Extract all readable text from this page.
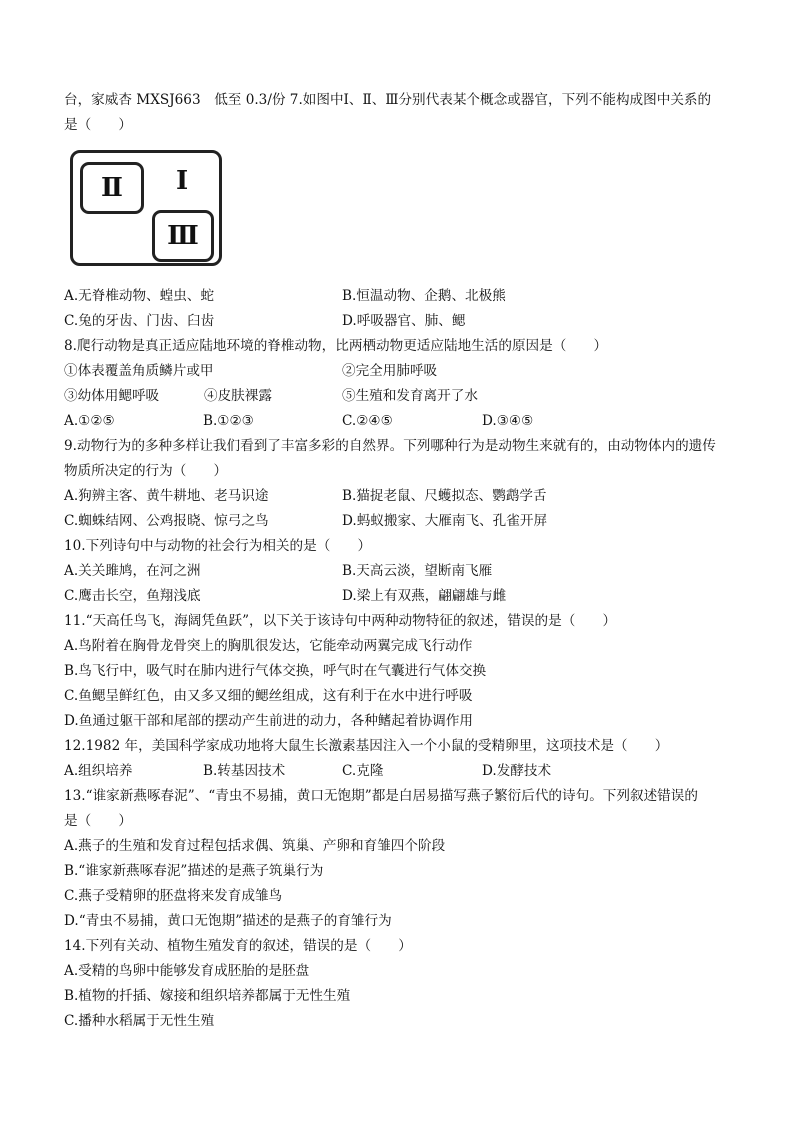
台，家威杏 MXSJ663　低至 0.3/份 7.如图中Ⅰ、Ⅱ、Ⅲ分别代表某个概念或器官，下列不能构成图中关系的
是（　　）
Ⅱ	Ⅰ
Ⅲ
A.无脊椎动物、蝗虫、蛇	B.恒温动物、企鹅、北极熊
C.兔的牙齿、门齿、臼齿	D.呼吸器官、肺、鳃
8.爬行动物是真正适应陆地环境的脊椎动物，比两栖动物更适应陆地生活的原因是（　　）
①体表覆盖角质鳞片或甲	②完全用肺呼吸
③幼体用鳃呼吸	④皮肤裸露	⑤生殖和发育离开了水
A.①②⑤	B.①②③	C.②④⑤	D.③④⑤
9.动物行为的多种多样让我们看到了丰富多彩的自然界。下列哪种行为是动物生来就有的，由动物体内的遗传
物质所决定的行为（　　）
A.狗辨主客、黄牛耕地、老马识途	B.猫捉老鼠、尺蠖拟态、鹦鹉学舌
C.蜘蛛结网、公鸡报晓、惊弓之鸟	D.蚂蚁搬家、大雁南飞、孔雀开屏
10.下列诗句中与动物的社会行为相关的是（　　）
A.关关雎鸠，在河之洲	B.天高云淡，望断南飞雁
C.鹰击长空，鱼翔浅底	D.梁上有双燕，翩翩雄与雌
11.“天高任鸟飞，海阔凭鱼跃”，以下关于该诗句中两种动物特征的叙述，错误的是（　　）
A.鸟附着在胸骨龙骨突上的胸肌很发达，它能牵动两翼完成飞行动作
B.鸟飞行中，吸气时在肺内进行气体交换，呼气时在气囊进行气体交换
C.鱼鳃呈鲜红色，由又多又细的鳃丝组成，这有利于在水中进行呼吸
D.鱼通过躯干部和尾部的摆动产生前进的动力，各种鳍起着协调作用
12.1982 年，美国科学家成功地将大鼠生长激素基因注入一个小鼠的受精卵里，这项技术是（　　）
A.组织培养	B.转基因技术	C.克隆	D.发酵技术
13.“谁家新燕啄春泥”、“青虫不易捕，黄口无饱期”都是白居易描写燕子繁衍后代的诗句。下列叙述错误的
是（　　）
A.燕子的生殖和发育过程包括求偶、筑巢、产卵和育雏四个阶段
B.“谁家新燕啄春泥”描述的是燕子筑巢行为
C.燕子受精卵的胚盘将来发育成雏鸟
D.“青虫不易捕，黄口无饱期”描述的是燕子的育雏行为
14.下列有关动、植物生殖发育的叙述，错误的是（　　）
A.受精的鸟卵中能够发育成胚胎的是胚盘
B.植物的扦插、嫁接和组织培养都属于无性生殖
C.播种水稻属于无性生殖
